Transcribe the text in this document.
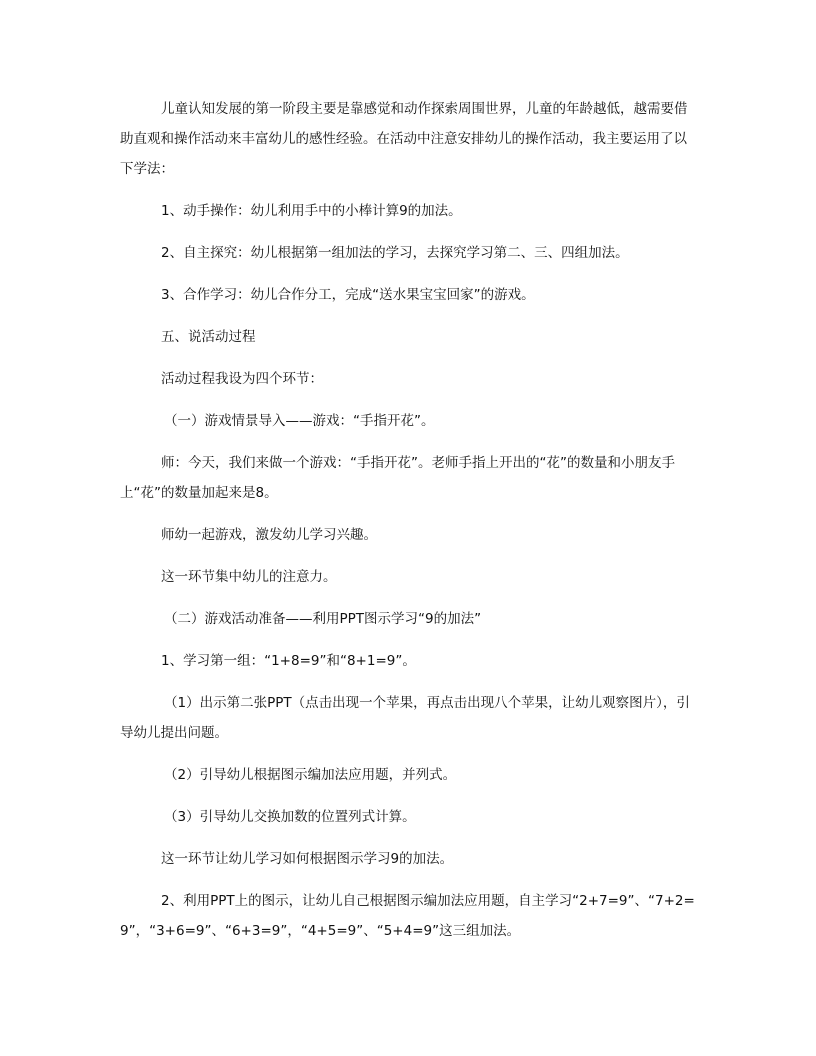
儿童认知发展的第一阶段主要是靠感觉和动作探索周围世界，儿童的年龄越低，越需要借助直观和操作活动来丰富幼儿的感性经验。在活动中注意安排幼儿的操作活动，我主要运用了以下学法：

1、动手操作：幼儿利用手中的小棒计算9的加法。

2、自主探究：幼儿根据第一组加法的学习，去探究学习第二、三、四组加法。

3、合作学习：幼儿合作分工，完成“送水果宝宝回家”的游戏。

五、说活动过程

活动过程我设为四个环节：

（一）游戏情景导入——游戏：“手指开花”。

师：今天，我们来做一个游戏：“手指开花”。老师手指上开出的“花”的数量和小朋友手上“花”的数量加起来是8。

师幼一起游戏，激发幼儿学习兴趣。

这一环节集中幼儿的注意力。

（二）游戏活动准备——利用PPT图示学习“9的加法”

1、学习第一组：“1+8=9”和“8+1=9”。

（1）出示第二张PPT（点击出现一个苹果，再点击出现八个苹果，让幼儿观察图片），引导幼儿提出问题。

（2）引导幼儿根据图示编加法应用题，并列式。

（3）引导幼儿交换加数的位置列式计算。

这一环节让幼儿学习如何根据图示学习9的加法。

2、利用PPT上的图示，让幼儿自己根据图示编加法应用题，自主学习“2+7=9”、“7+2=9”，“3+6=9”、“6+3=9”，“4+5=9”、“5+4=9”这三组加法。
